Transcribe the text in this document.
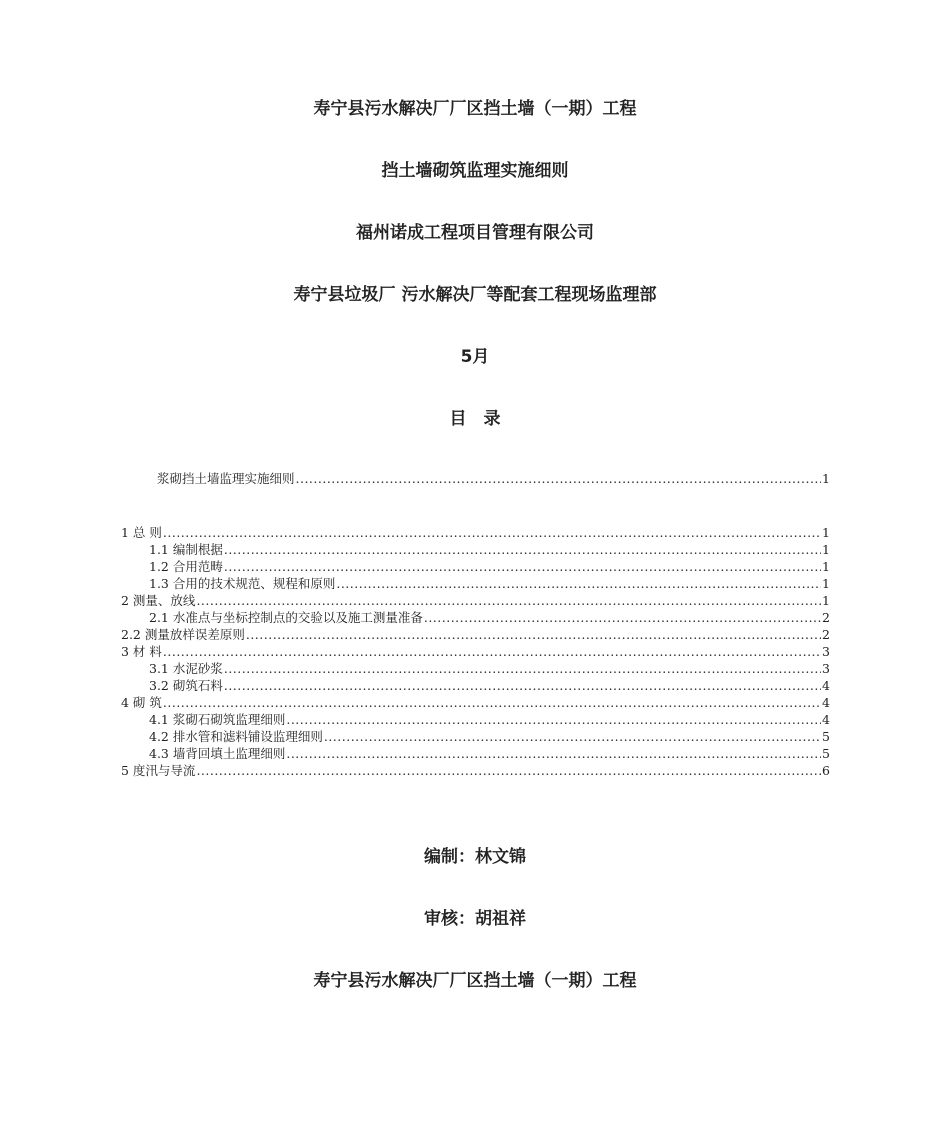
寿宁县污水解决厂厂区挡土墙（一期）工程
挡土墙砌筑监理实施细则
福州诺成工程项目管理有限公司
寿宁县垃圾厂 污水解决厂等配套工程现场监理部
5月
目　录
浆砌挡土墙监理实施细则 .....	1
1 总 则 .....	1
1.1 编制根据 .....	1
1.2 合用范畴 .....	1
1.3 合用的技术规范、规程和原则 .....	1
2 测量、放线 .....	1
2.1 水准点与坐标控制点的交验以及施工测量准备 .....	2
2.2 测量放样误差原则 .....	2
3 材 料 .....	3
3.1 水泥砂浆 .....	3
3.2 砌筑石料 .....	4
4 砌 筑 .....	4
4.1 浆砌石砌筑监理细则 .....	4
4.2 排水管和滤料铺设监理细则 .....	5
4.3 墙背回填土监理细则 .....	5
5 度汛与导流 .....	6
编制：林文锦
审核：胡祖祥
寿宁县污水解决厂厂区挡土墙（一期）工程
